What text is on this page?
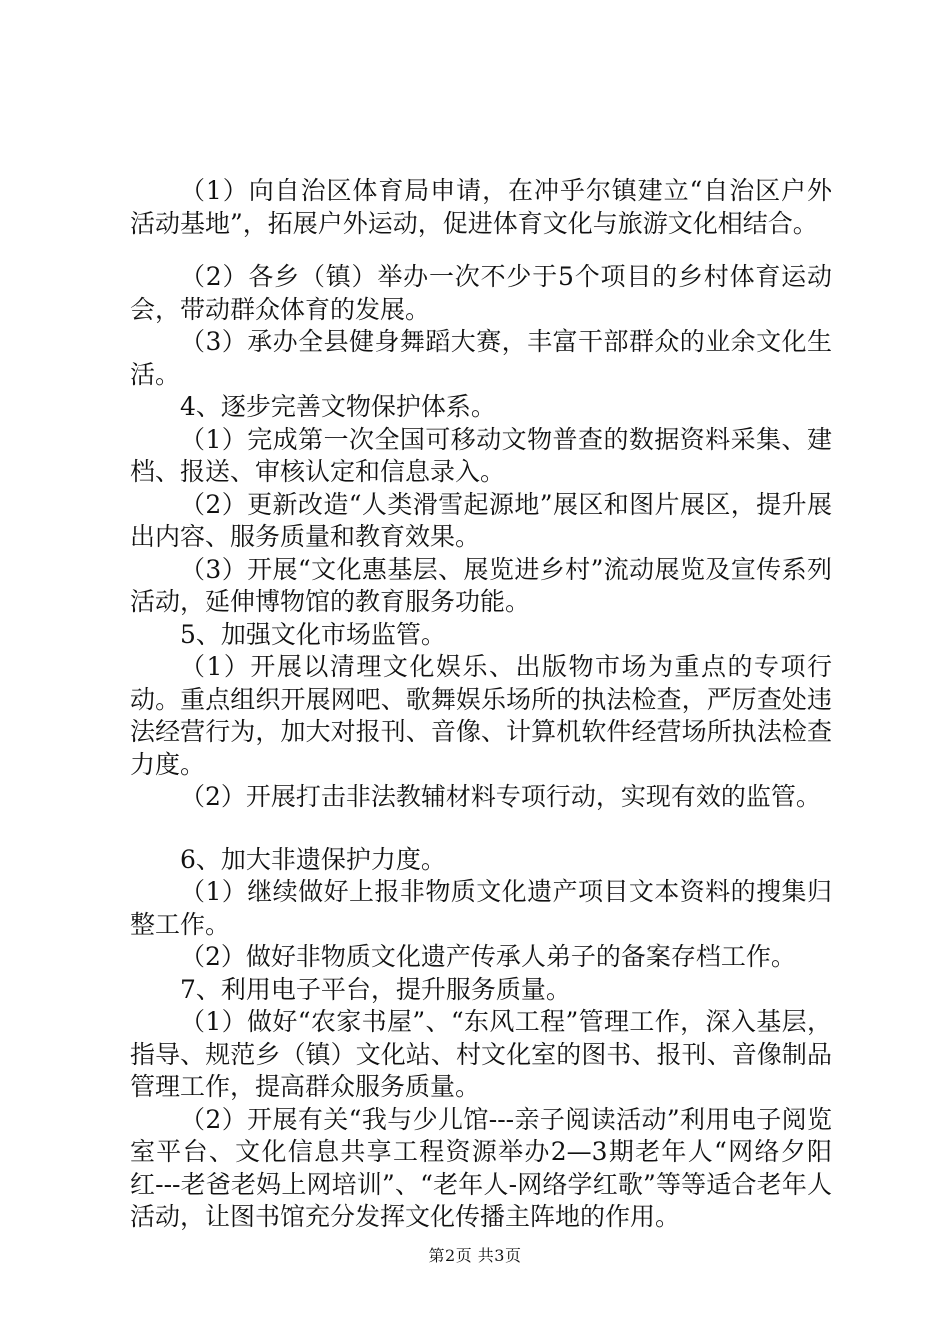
（1）向自治区体育局申请，在冲乎尔镇建立“自治区户外活动基地”，拓展户外运动，促进体育文化与旅游文化相结合。

（2）各乡（镇）举办一次不少于5个项目的乡村体育运动会，带动群众体育的发展。

（3）承办全县健身舞蹈大赛，丰富干部群众的业余文化生活。

4、逐步完善文物保护体系。

（1）完成第一次全国可移动文物普查的数据资料采集、建档、报送、审核认定和信息录入。

（2）更新改造“人类滑雪起源地”展区和图片展区，提升展出内容、服务质量和教育效果。

（3）开展“文化惠基层、展览进乡村”流动展览及宣传系列活动，延伸博物馆的教育服务功能。

5、加强文化市场监管。

（1）开展以清理文化娱乐、出版物市场为重点的专项行动。重点组织开展网吧、歌舞娱乐场所的执法检查，严厉查处违法经营行为，加大对报刊、音像、计算机软件经营场所执法检查力度。

（2）开展打击非法教辅材料专项行动，实现有效的监管。

6、加大非遗保护力度。

（1）继续做好上报非物质文化遗产项目文本资料的搜集归整工作。

（2）做好非物质文化遗产传承人弟子的备案存档工作。

7、利用电子平台，提升服务质量。

（1）做好“农家书屋”、“东风工程”管理工作，深入基层，指导、规范乡（镇）文化站、村文化室的图书、报刊、音像制品管理工作，提高群众服务质量。

（2）开展有关“我与少儿馆---亲子阅读活动”利用电子阅览室平台、文化信息共享工程资源举办2—3期老年人“网络夕阳红---老爸老妈上网培训”、“老年人-网络学红歌”等等适合老年人活动，让图书馆充分发挥文化传播主阵地的作用。

第2页 共3页
